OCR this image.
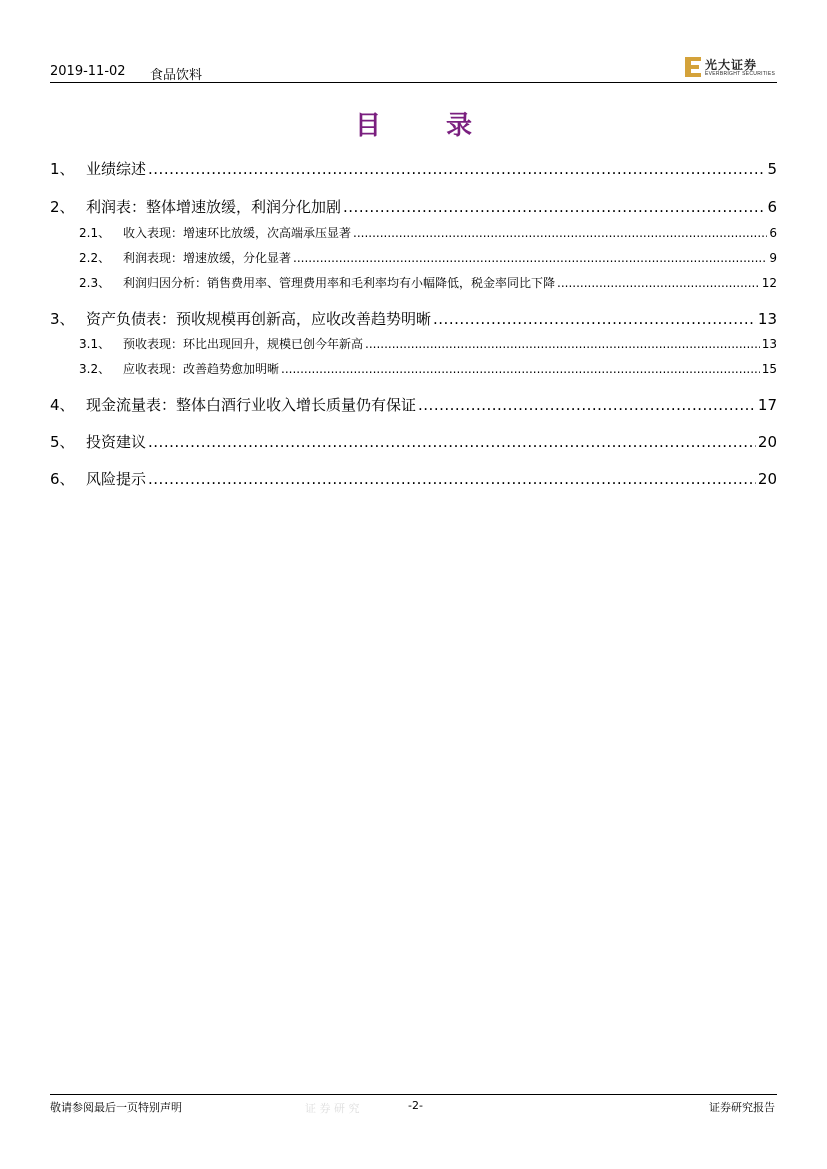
2019-11-02 食品饮料
光大证券
EVERBRIGHT SECURITIES
目 录
1、 业绩综述 .....	5
2、 利润表：整体增速放缓，利润分化加剧 .....	6
2.1、	收入表现：增速环比放缓，次高端承压显著 .....	6
2.2、	利润表现：增速放缓，分化显著 .....	9
2.3、	利润归因分析：销售费用率、管理费用率和毛利率均有小幅降低，税金率同比下降 .....	12
3、 资产负债表：预收规模再创新高，应收改善趋势明晰 .....	13
3.1、	预收表现：环比出现回升，规模已创今年新高 .....	13
3.2、	应收表现：改善趋势愈加明晰 .....	15
4、 现金流量表：整体白酒行业收入增长质量仍有保证 .....	17
5、 投资建议 .....	20
6、 风险提示 .....	20
敬请参阅最后一页特别声明	证 券 研 究	-2-	证券研究报告
